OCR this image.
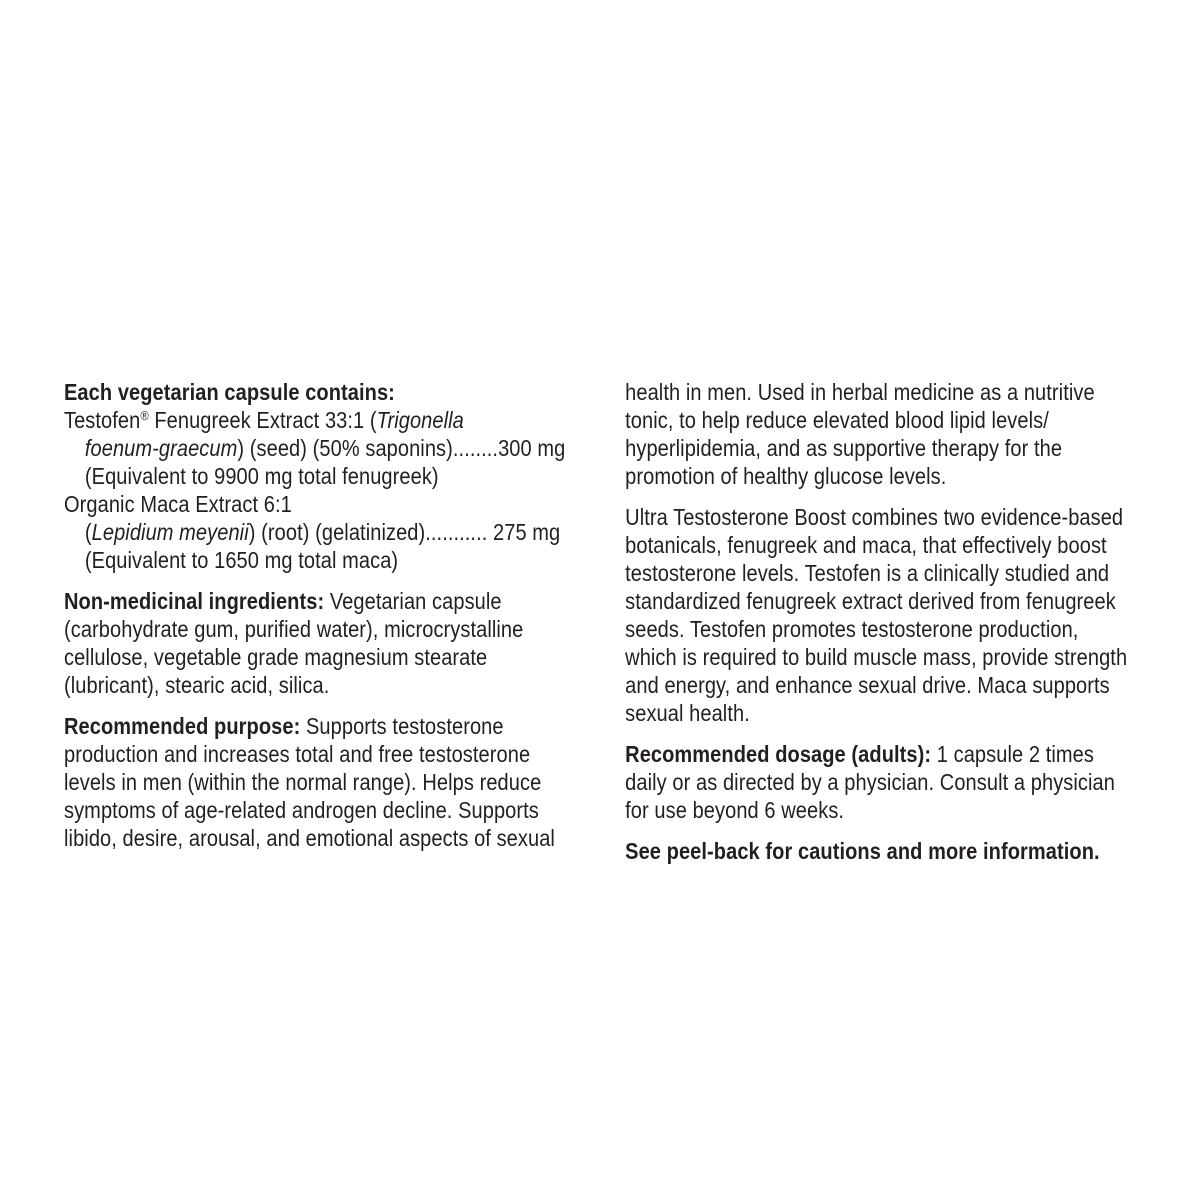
Each vegetarian capsule contains:
Testofen® Fenugreek Extract 33:1 (Trigonella
foenum-graecum) (seed) (50% saponins)........300 mg
(Equivalent to 9900 mg total fenugreek)
Organic Maca Extract 6:1
(Lepidium meyenii) (root) (gelatinized)........... 275 mg
(Equivalent to 1650 mg total maca)
Non-medicinal ingredients: Vegetarian capsule
(carbohydrate gum, purified water), microcrystalline
cellulose, vegetable grade magnesium stearate
(lubricant), stearic acid, silica.
Recommended purpose: Supports testosterone
production and increases total and free testosterone
levels in men (within the normal range). Helps reduce
symptoms of age-related androgen decline. Supports
libido, desire, arousal, and emotional aspects of sexual
health in men. Used in herbal medicine as a nutritive
tonic, to help reduce elevated blood lipid levels/
hyperlipidemia, and as supportive therapy for the
promotion of healthy glucose levels.
Ultra Testosterone Boost combines two evidence-based
botanicals, fenugreek and maca, that effectively boost
testosterone levels. Testofen is a clinically studied and
standardized fenugreek extract derived from fenugreek
seeds. Testofen promotes testosterone production,
which is required to build muscle mass, provide strength
and energy, and enhance sexual drive. Maca supports
sexual health.
Recommended dosage (adults): 1 capsule 2 times
daily or as directed by a physician. Consult a physician
for use beyond 6 weeks.
See peel-back for cautions and more information.
